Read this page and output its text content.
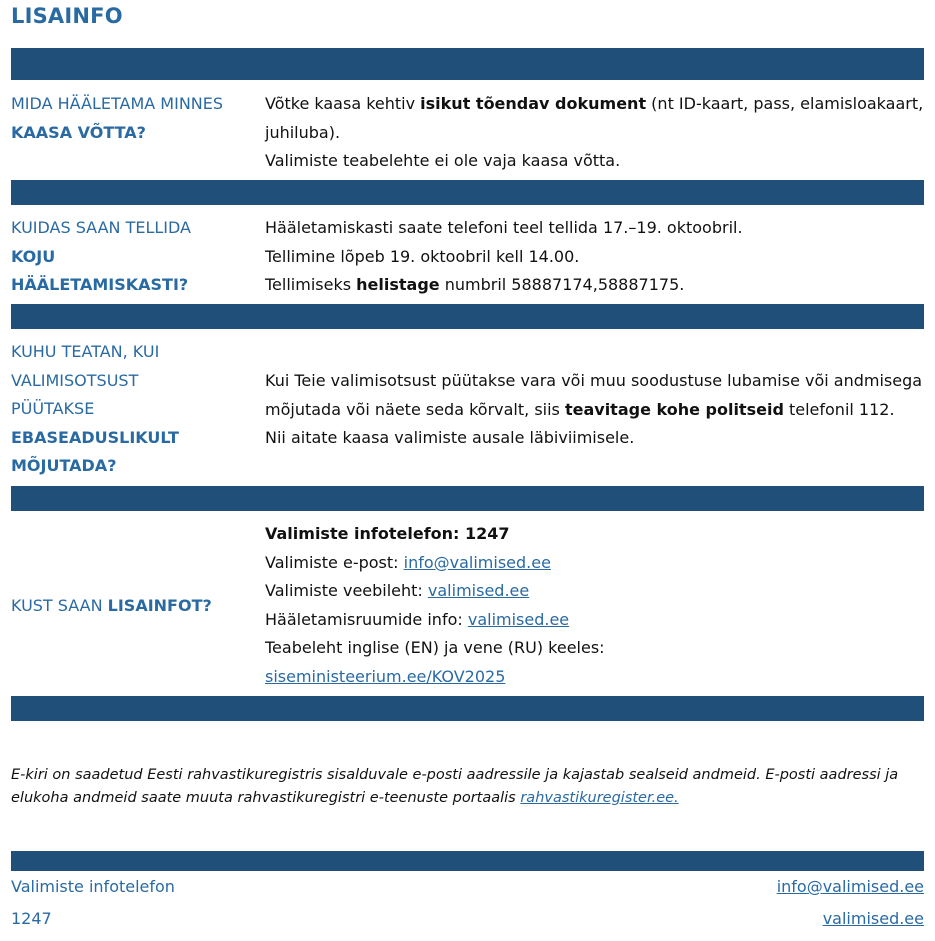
LISAINFO
MIDA HÄÄLETAMA MINNES KAASA VÕTTA?

Võtke kaasa kehtiv isikut tõendav dokument (nt ID-kaart, pass, elamisloakaart,

juhiluba).

Valimiste teabelehte ei ole vaja kaasa võtta.

KUIDAS SAAN TELLIDA KOJU HÄÄLETAMISKASTI?

Hääletamiskasti saate telefoni teel tellida 17.–19. oktoobril.

Tellimine lõpeb 19. oktoobril kell 14.00.

Tellimiseks helistage numbril 58887174,58887175.

KUHU TEATAN, KUI VALIMISOTSUST PÜÜTAKSE EBASEADUSLIKULT MÕJUTADA?

Kui Teie valimisotsust püütakse vara või muu soodustuse lubamise või andmisega

mõjutada või näete seda kõrvalt, siis teavitage kohe politseid telefonil 112.

Nii aitate kaasa valimiste ausale läbiviimisele.

KUST SAAN LISAINFOT?

Valimiste infotelefon: 1247

Valimiste e-post: info@valimised.ee

Valimiste veebileht: valimised.ee

Hääletamisruumide info: valimised.ee

Teabeleht inglise (EN) ja vene (RU) keeles:

siseministeerium.ee/KOV2025

E-kiri on saadetud Eesti rahvastikuregistris sisalduvale e-posti aadressile ja kajastab sealseid andmeid. E-posti aadressi ja elukoha andmeid saate muuta rahvastikuregistri e-teenuste portaalis rahvastikuregister.ee.

Valimiste infotelefon
1247
info@valimised.ee
valimised.ee
